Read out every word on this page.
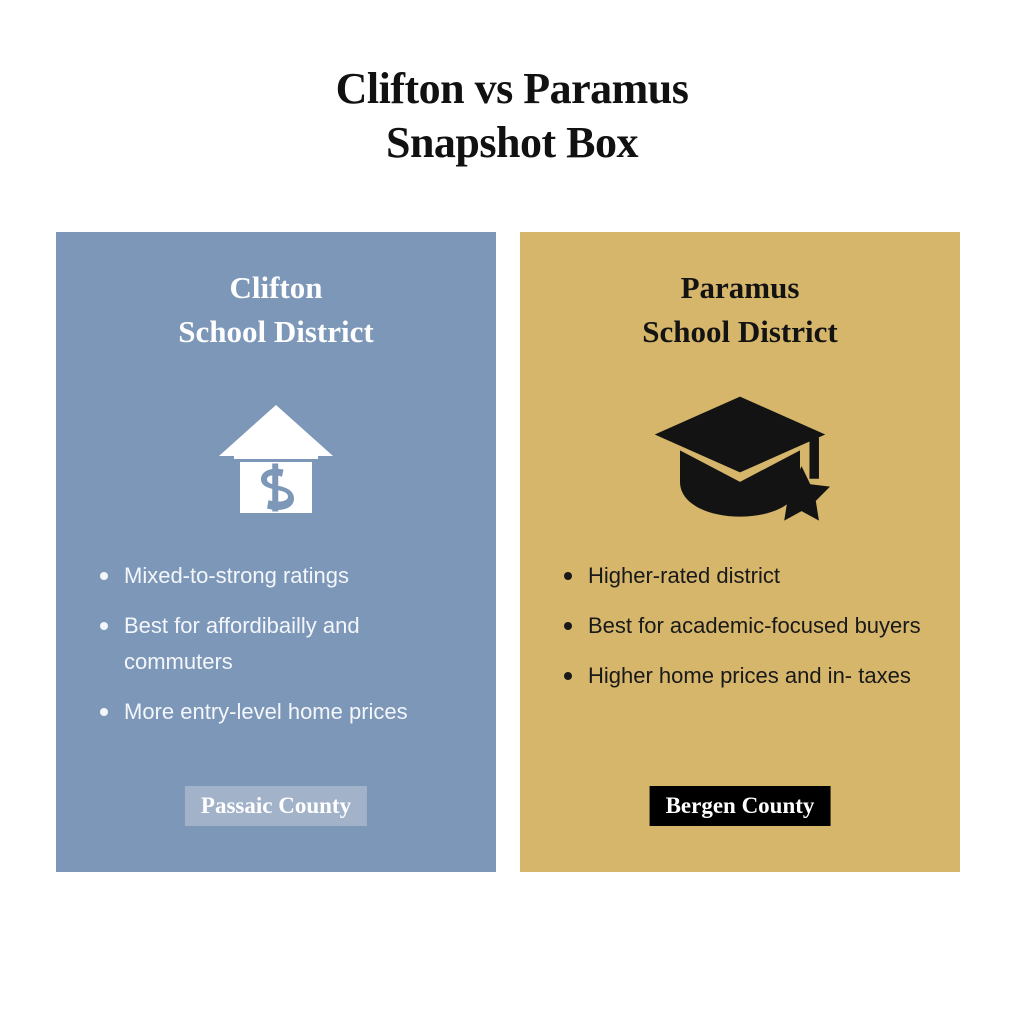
Clifton vs Paramus
Snapshot Box
Clifton
School District
Mixed-to-strong ratings
Best for affordibailly and commuters
More entry-level home prices
Passaic County
Paramus
School District
Higher-rated district
Best for academic-focused buyers
Higher home prices and in- taxes
Bergen County
